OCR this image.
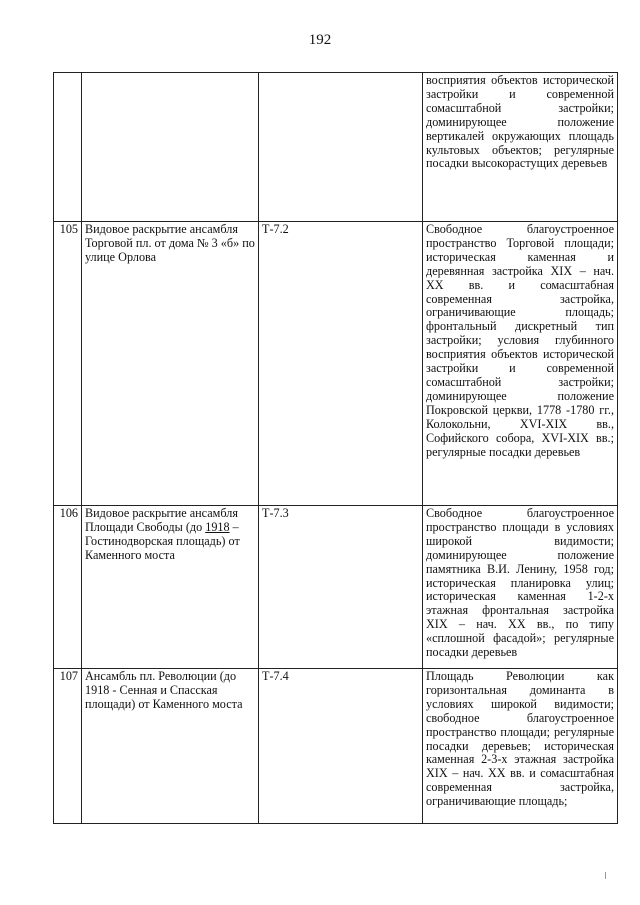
192
			восприятия объектов исторической застройки и современной сомасштабной застройки; доминирующее положение вертикалей окружающих площадь культовых объектов; регулярные посадки высокорастущих деревьев
105	Видовое раскрытие ансамбля Торговой пл. от дома № 3 «б» по улице Орлова	Т-7.2	Свободное благоустроенное пространство Торговой площади; историческая каменная и деревянная застройка XIX – нач. XX вв. и сомасштабная современная застройка, ограничивающие площадь; фронтальный дискретный тип застройки; условия глубинного восприятия объектов исторической застройки и современной сомасштабной застройки; доминирующее положение Покровской церкви, 1778 -1780 гг., Колокольни, XVI-XIX вв., Софийского собора, XVI-XIX вв.; регулярные посадки деревьев
106	Видовое раскрытие ансамбля Площади Свободы (до 1918 – Гостинодворская площадь) от Каменного моста	Т-7.3	Свободное благоустроенное пространство площади в условиях широкой видимости; доминирующее положение памятника В.И. Ленину, 1958 год; историческая планировка улиц; историческая каменная 1-2-х этажная фронтальная застройка XIX – нач. XX вв., по типу «сплошной фасадой»; регулярные посадки деревьев
107	Ансамбль пл. Революции (до 1918 - Сенная и Спасская площади) от Каменного моста	Т-7.4	Площадь Революции как горизонтальная доминанта в условиях широкой видимости; свободное благоустроенное пространство площади; регулярные посадки деревьев; историческая каменная 2-3-х этажная застройка XIX – нач. XX вв. и сомасштабная современная застройка, ограничивающие площадь;
